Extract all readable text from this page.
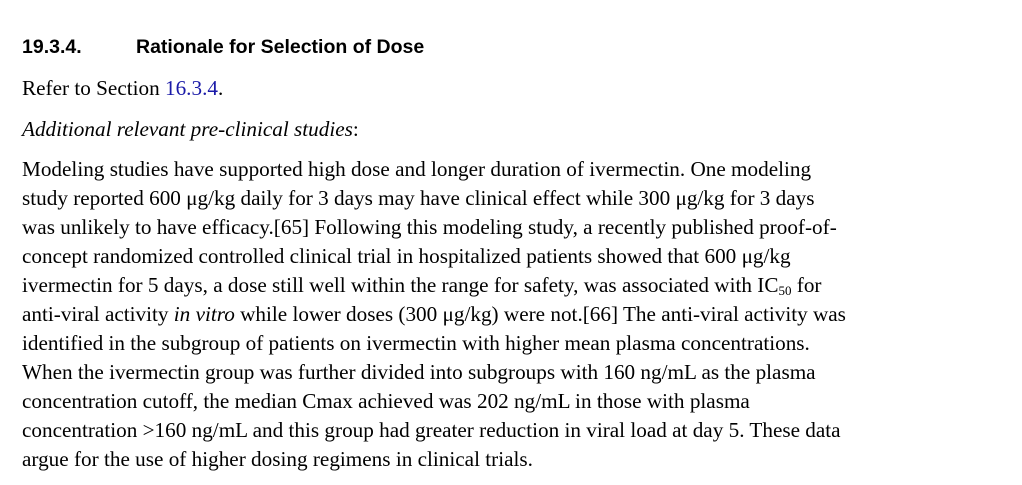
19.3.4.	Rationale for Selection of Dose
Refer to Section 16.3.4.
Additional relevant pre-clinical studies:
Modeling studies have supported high dose and longer duration of ivermectin. One modeling
study reported 600 μg/kg daily for 3 days may have clinical effect while 300 μg/kg for 3 days
was unlikely to have efficacy.[65] Following this modeling study, a recently published proof-of-
concept randomized controlled clinical trial in hospitalized patients showed that 600 μg/kg
ivermectin for 5 days, a dose still well within the range for safety, was associated with $IC_{50}$ for
anti-viral activity in vitro while lower doses (300 μg/kg) were not.[66] The anti-viral activity was
identified in the subgroup of patients on ivermectin with higher mean plasma concentrations.
When the ivermectin group was further divided into subgroups with 160 ng/mL as the plasma
concentration cutoff, the median Cmax achieved was 202 ng/mL in those with plasma
concentration >160 ng/mL and this group had greater reduction in viral load at day 5. These data
argue for the use of higher dosing regimens in clinical trials.
